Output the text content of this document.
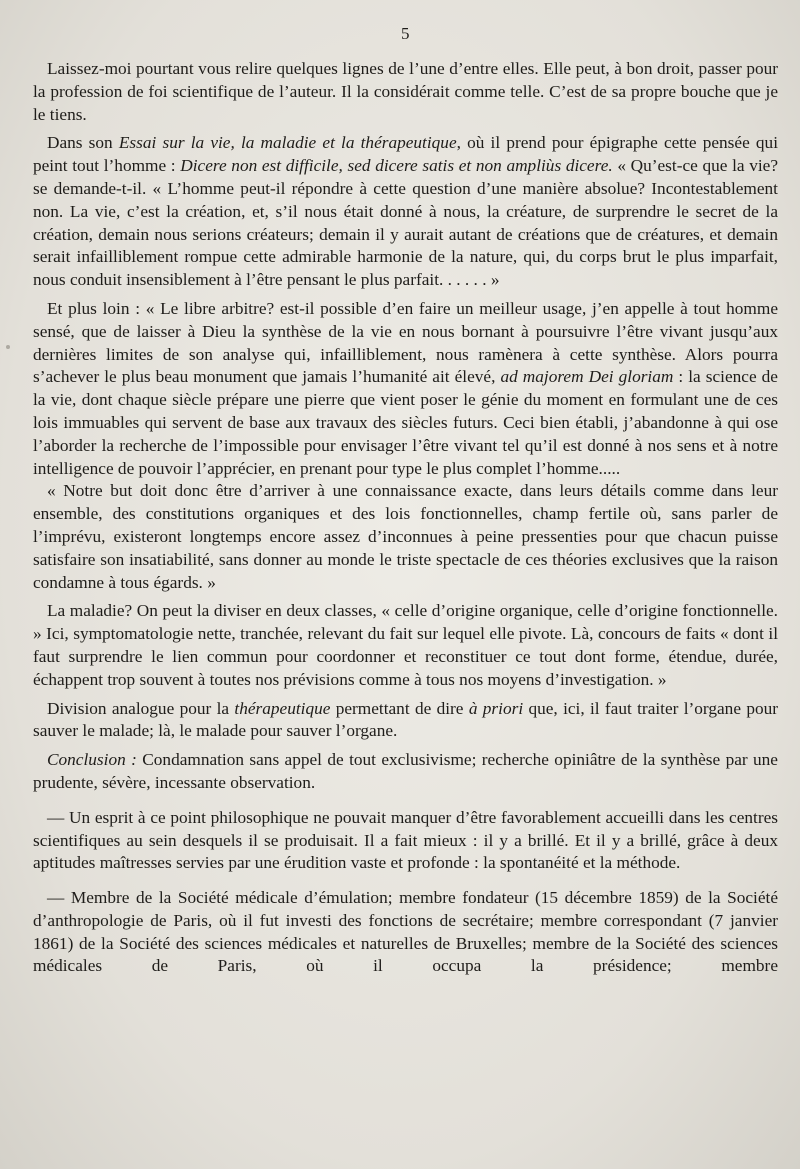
5

Laissez-moi pourtant vous relire quelques lignes de l’une d’entre elles. Elle peut, à bon droit, passer pour la profession de foi scientifique de l’auteur. Il la considérait comme telle. C’est de sa propre bouche que je le tiens.

Dans son Essai sur la vie, la maladie et la thérapeutique, où il prend pour épigraphe cette pensée qui peint tout l’homme : Dicere non est difficile, sed dicere satis et non ampliùs dicere. « Qu’est-ce que la vie? se demande-t-il. « L’homme peut-il répondre à cette question d’une manière absolue? Incontestablement non. La vie, c’est la création, et, s’il nous était donné à nous, la créature, de surprendre le secret de la création, demain nous serions créateurs; demain il y aurait autant de créations que de créatures, et demain serait infailliblement rompue cette admirable harmonie de la nature, qui, du corps brut le plus imparfait, nous conduit insensiblement à l’être pensant le plus parfait. . . . . . »

Et plus loin : « Le libre arbitre? est-il possible d’en faire un meilleur usage, j’en appelle à tout homme sensé, que de laisser à Dieu la synthèse de la vie en nous bornant à poursuivre l’être vivant jusqu’aux dernières limites de son analyse qui, infailliblement, nous ramènera à cette synthèse. Alors pourra s’achever le plus beau monument que jamais l’humanité ait élevé, ad majorem Dei gloriam : la science de la vie, dont chaque siècle prépare une pierre que vient poser le génie du moment en formulant une de ces lois immuables qui servent de base aux travaux des siècles futurs. Ceci bien établi, j’abandonne à qui ose l’aborder la recherche de l’impossible pour envisager l’être vivant tel qu’il est donné à nos sens et à notre intelligence de pouvoir l’apprécier, en prenant pour type le plus complet l’homme.....

« Notre but doit donc être d’arriver à une connaissance exacte, dans leurs détails comme dans leur ensemble, des constitutions organiques et des lois fonctionnelles, champ fertile où, sans parler de l’imprévu, existeront longtemps encore assez d’inconnues à peine pressenties pour que chacun puisse satisfaire son insatiabilité, sans donner au monde le triste spectacle de ces théories exclusives que la raison condamne à tous égards. »

La maladie? On peut la diviser en deux classes, « celle d’origine organique, celle d’origine fonctionnelle. » Ici, symptomatologie nette, tranchée, relevant du fait sur lequel elle pivote. Là, concours de faits « dont il faut surprendre le lien commun pour coordonner et reconstituer ce tout dont forme, étendue, durée, échappent trop souvent à toutes nos prévisions comme à tous nos moyens d’investigation. »

Division analogue pour la thérapeutique permettant de dire à priori que, ici, il faut traiter l’organe pour sauver le malade; là, le malade pour sauver l’organe.

Conclusion : Condamnation sans appel de tout exclusivisme; recherche opiniâtre de la synthèse par une prudente, sévère, incessante observation.

— Un esprit à ce point philosophique ne pouvait manquer d’être favorablement accueilli dans les centres scientifiques au sein desquels il se produisait. Il a fait mieux : il y a brillé. Et il y a brillé, grâce à deux aptitudes maîtresses servies par une érudition vaste et profonde : la spontanéité et la méthode.

— Membre de la Société médicale d’émulation; membre fondateur (15 décembre 1859) de la Société d’anthropologie de Paris, où il fut investi des fonctions de secrétaire; membre correspondant (7 janvier 1861) de la Société des sciences médicales et naturelles de Bruxelles; membre de la Société des sciences médicales de Paris, où il occupa la présidence; membre
